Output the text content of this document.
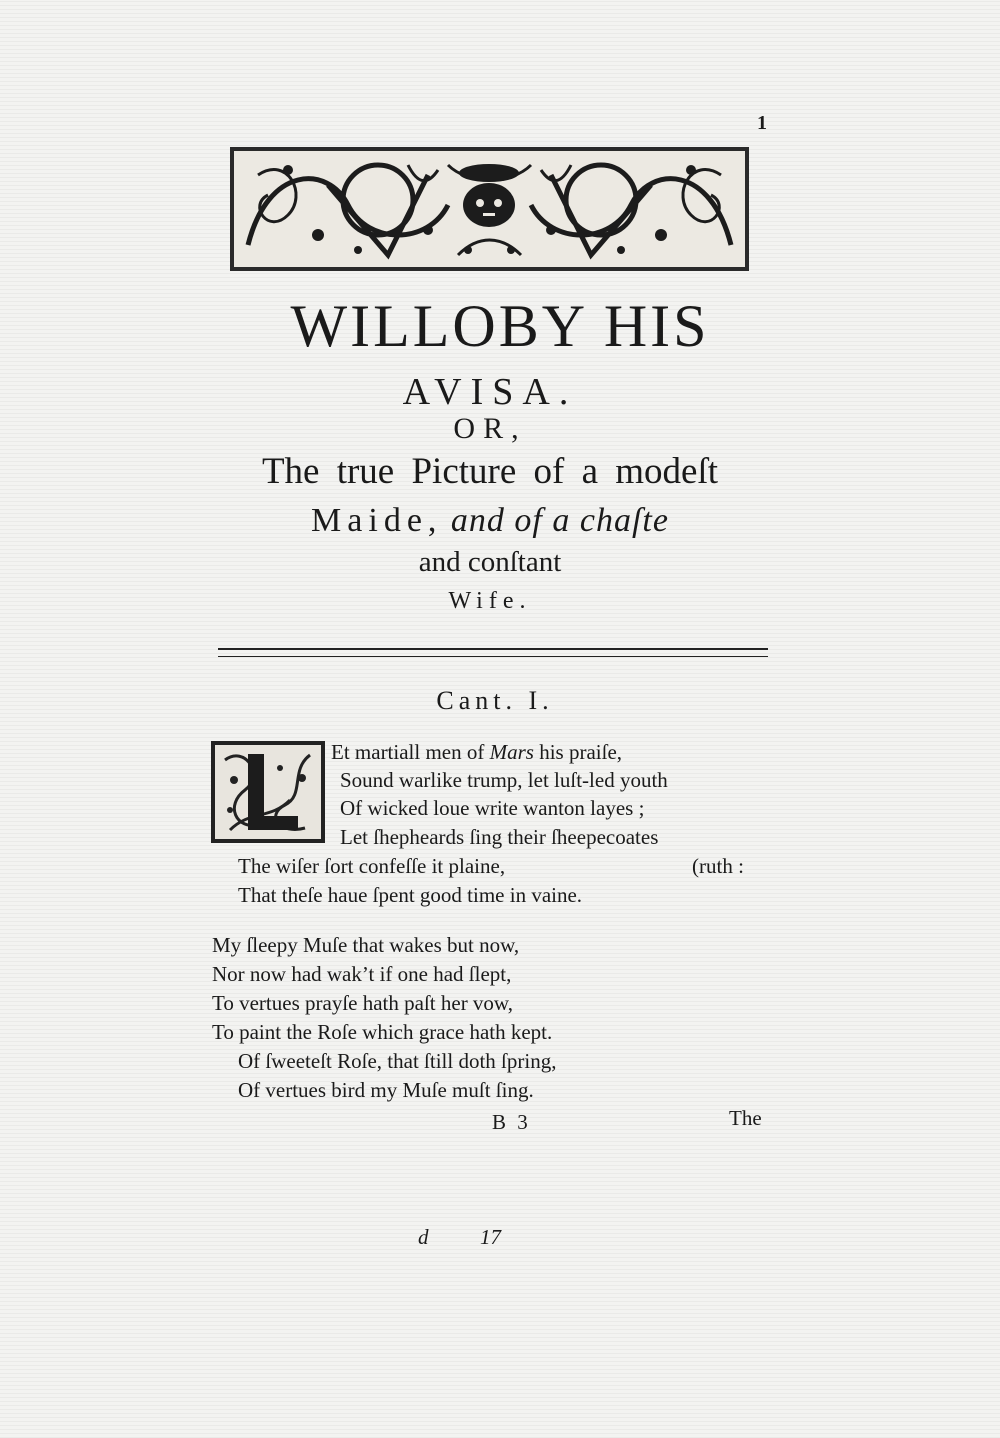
1
WILLOBY HIS
AVISA.
OR,
The true Picture of a modeſt
Maide, and of a chaſte
and conſtant
Wife.
Cant. I.
Et martiall men of Mars his praiſe,
Sound warlike trump, let luſt-led youth
Of wicked loue write wanton layes ;
Let ſhepheards ſing their ſheepecoates
The wiſer ſort confeſſe it plaine,	(ruth :
That theſe haue ſpent good time in vaine.
My ſleepy Muſe that wakes but now,
Nor now had wak’t if one had ſlept,
To vertues prayſe hath paſt her vow,
To paint the Roſe which grace hath kept.
Of ſweeteſt Roſe, that ſtill doth ſpring,
Of vertues bird my Muſe muſt ſing.
B 3	The
d 17
